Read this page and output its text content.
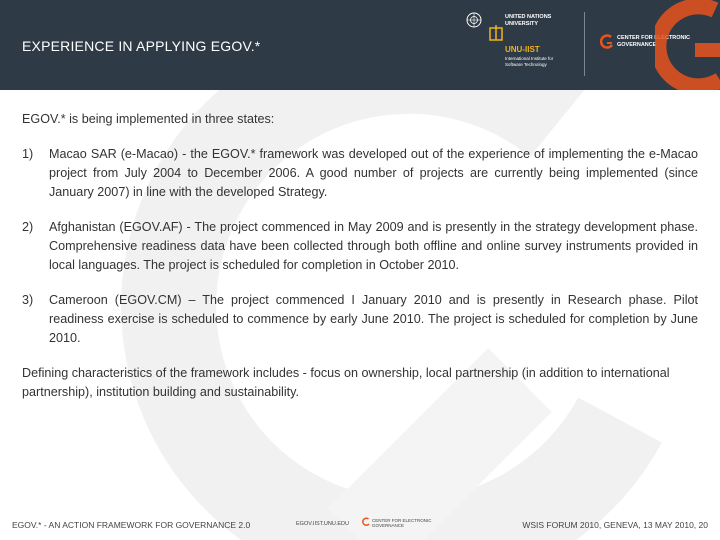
EXPERIENCE IN APPLYING EGOV.*
UNITED NATIONS UNIVERSITY
UNU-IIST
International Institute for Software Technology
CENTER FOR ELECTRONIC GOVERNANCE

EGOV.* is being implemented in three states:

1)	Macao SAR (e-Macao) - the EGOV.* framework was developed out of the experience of implementing the e-Macao project from July 2004 to December 2006. A good number of projects are currently being implemented (since January 2007) in line with the developed Strategy.
2)	Afghanistan (EGOV.AF) - The project commenced in May 2009 and is presently in the strategy development phase. Comprehensive readiness data have been collected through both offline and online survey instruments provided in local languages. The project is scheduled for completion in October 2010.
3)	Cameroon (EGOV.CM) – The project commenced I January 2010 and is presently in Research phase. Pilot readiness exercise is scheduled to commence by early June 2010. The project is scheduled for completion by June 2010.

Defining characteristics of the framework includes - focus on ownership, local partnership (in addition to international partnership), institution building and sustainability.

EGOV.* - AN ACTION FRAMEWORK FOR GOVERNANCE 2.0	EGOV.IIST.UNU.EDU
CENTER FOR ELECTRONIC GOVERNANCE	WSIS FORUM 2010, GENEVA, 13 MAY 2010, 20
